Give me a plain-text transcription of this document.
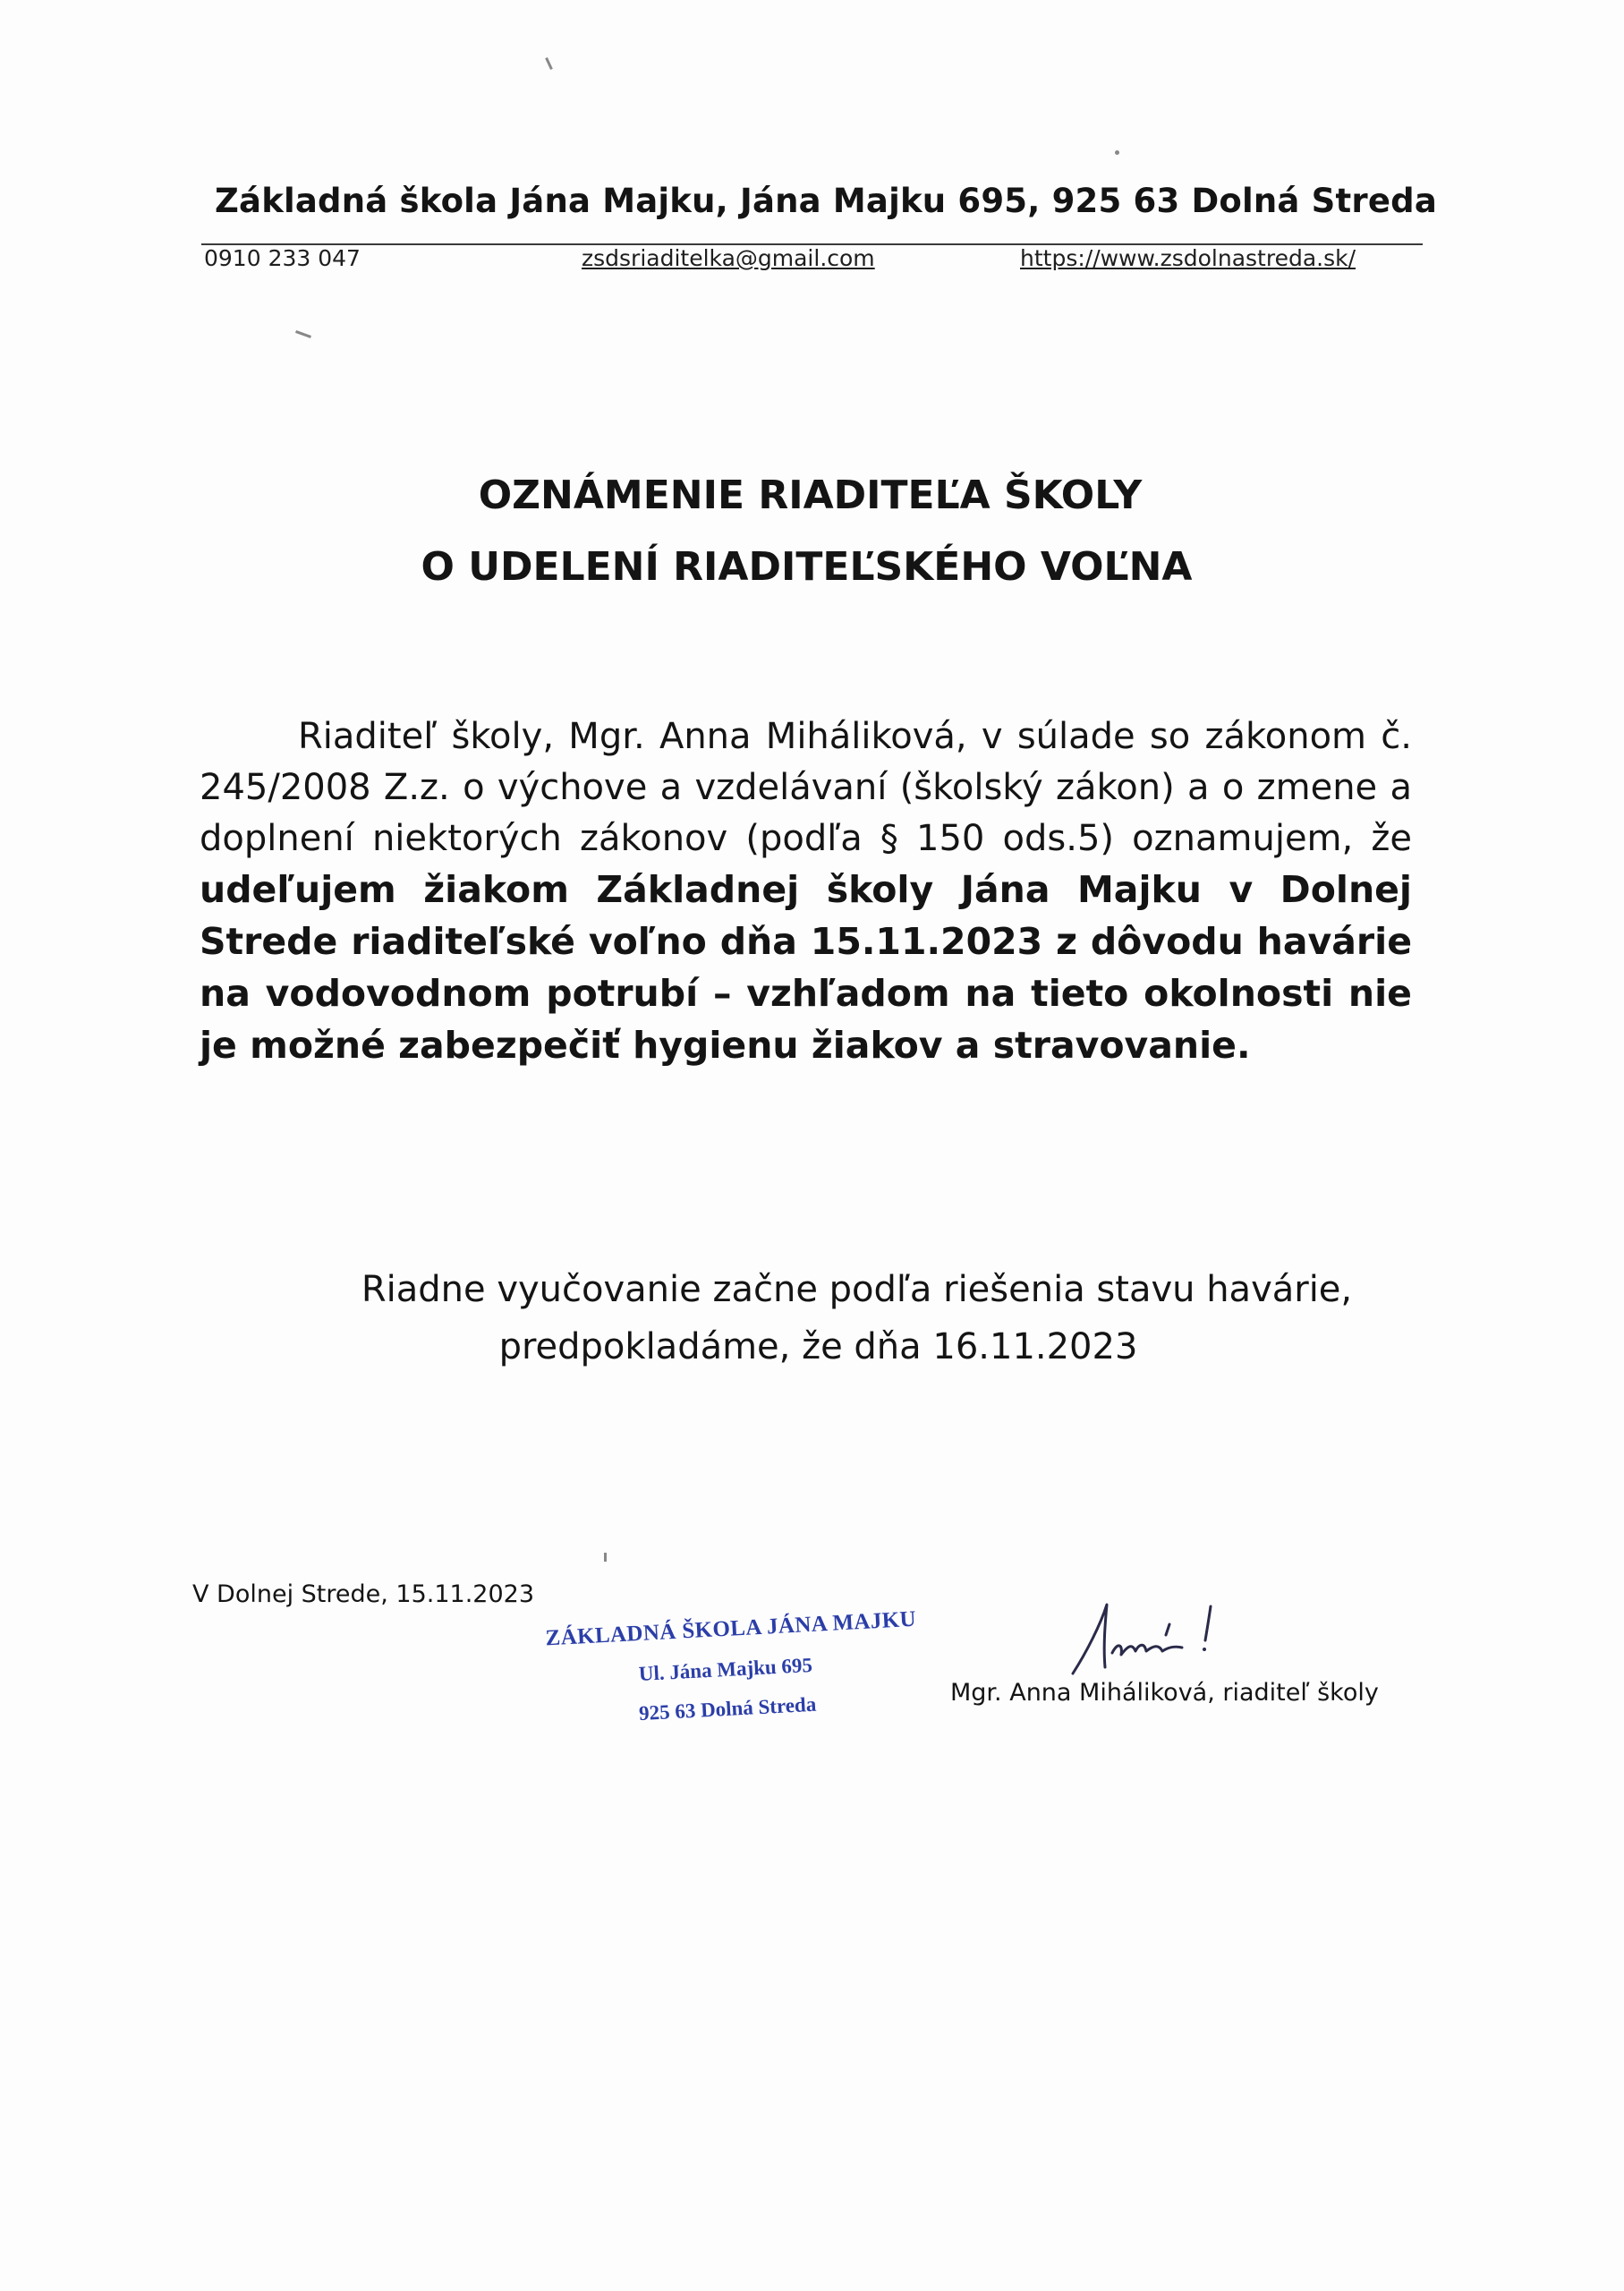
Základná škola Jána Majku, Jána Majku 695, 925 63 Dolná Streda
0910 233 047	zsdsriaditelka@gmail.com	https://www.zsdolnastreda.sk/
OZNÁMENIE RIADITEĽA ŠKOLY
O UDELENÍ RIADITEĽSKÉHO VOĽNA
Riaditeľ školy, Mgr. Anna Miháliková, v súlade so zákonom č. 245/2008 Z.z. o výchove a vzdelávaní (školský zákon) a o zmene a doplnení niektorých zákonov (podľa § 150 ods.5) oznamujem, že udeľujem žiakom Základnej školy Jána Majku v Dolnej Strede riaditeľské voľno dňa 15.11.2023 z dôvodu havárie na vodovodnom potrubí – vzhľadom na tieto okolnosti nie je možné zabezpečiť hygienu žiakov a stravovanie.
Riadne vyučovanie začne podľa riešenia stavu havárie,
predpokladáme, že dňa 16.11.2023
V Dolnej Strede, 15.11.2023
ZÁKLADNÁ ŠKOLA JÁNA MAJKU
Ul. Jána Majku 695
925 63 Dolná Streda
Mgr. Anna Miháliková, riaditeľ školy
